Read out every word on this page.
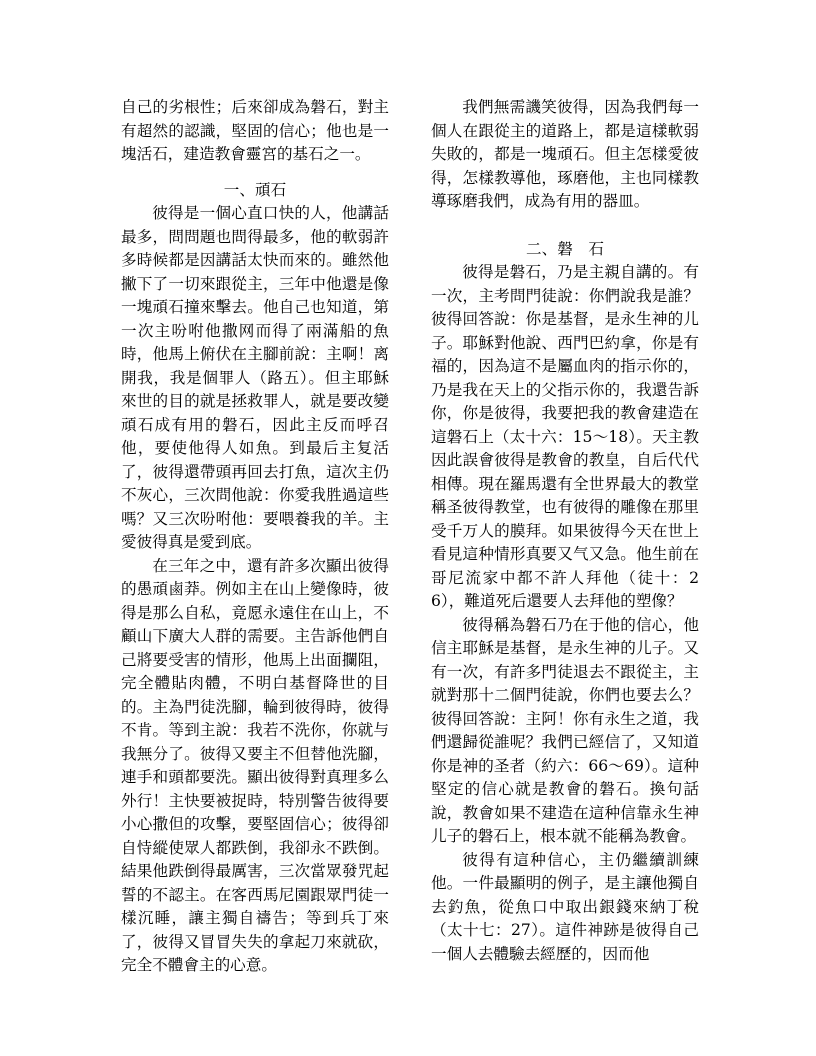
自己的劣根性；后來卻成為磐石，對主有超然的認識，堅固的信心；他也是一塊活石，建造教會靈宮的基石之一。

一、頑石

彼得是一個心直口快的人，他講話最多，問問題也問得最多，他的軟弱許多時候都是因講話太快而來的。雖然他撇下了一切來跟從主，三年中他還是像一塊頑石撞來擊去。他自己也知道，第一次主吩咐他撒网而得了兩滿船的魚時，他馬上俯伏在主腳前說：主啊！离開我，我是個罪人（路五）。但主耶穌來世的目的就是拯救罪人，就是要改變頑石成有用的磐石，因此主反而呼召他，要使他得人如魚。到最后主复活了，彼得還帶頭再回去打魚，這次主仍不灰心，三次問他說：你愛我胜過這些嗎？又三次吩咐他：要喂養我的羊。主愛彼得真是愛到底。

在三年之中，還有許多次顯出彼得的愚頑鹵莽。例如主在山上變像時，彼得是那么自私，竟愿永遠住在山上，不顧山下廣大人群的需要。主告訴他們自己將要受害的情形，他馬上出面攔阻，完全體貼肉體，不明白基督降世的目的。主為門徒洗腳，輪到彼得時，彼得不肯。等到主說：我若不洗你，你就与我無分了。彼得又要主不但替他洗腳，連手和頭都要洗。顯出彼得對真理多么外行！主快要被捉時，特別警告彼得要小心撒但的攻擊，要堅固信心；彼得卻自恃縱使眾人都跌倒，我卻永不跌倒。結果他跌倒得最厲害，三次當眾發咒起誓的不認主。在客西馬尼園跟眾門徒一樣沉睡，讓主獨自禱告；等到兵丁來了，彼得又冒冒失失的拿起刀來就砍，完全不體會主的心意。

我們無需譏笑彼得，因為我們每一個人在跟從主的道路上，都是這樣軟弱失敗的，都是一塊頑石。但主怎樣愛彼得，怎樣教導他，琢磨他，主也同樣教導琢磨我們，成為有用的器皿。

二、磐　石

彼得是磐石，乃是主親自講的。有一次，主考問門徒說：你們說我是誰？彼得回答說：你是基督，是永生神的儿子。耶穌對他說、西門巴約拿，你是有福的，因為這不是屬血肉的指示你的，乃是我在天上的父指示你的，我還告訴你，你是彼得，我要把我的教會建造在這磐石上（太十六：15～18）。天主教因此誤會彼得是教會的教皇，自后代代相傳。現在羅馬還有全世界最大的教堂稱圣彼得教堂，也有彼得的雕像在那里受千万人的膜拜。如果彼得今天在世上看見這种情形真要又气又急。他生前在哥尼流家中都不許人拜他（徒十：26），難道死后還要人去拜他的塑像？

彼得稱為磐石乃在于他的信心，他信主耶穌是基督，是永生神的儿子。又有一次，有許多門徒退去不跟從主，主就對那十二個門徒說，你們也要去么？彼得回答說：主阿！你有永生之道，我們還歸從誰呢？我們已經信了，又知道你是神的圣者（約六：66～69）。這种堅定的信心就是教會的磐石。換句話說，教會如果不建造在這种信靠永生神儿子的磐石上，根本就不能稱為教會。

彼得有這种信心，主仍繼續訓練他。一件最顯明的例子，是主讓他獨自去釣魚，從魚口中取出銀錢來納丁稅（太十七：27）。這件神跡是彼得自己一個人去體驗去經歷的，因而他
